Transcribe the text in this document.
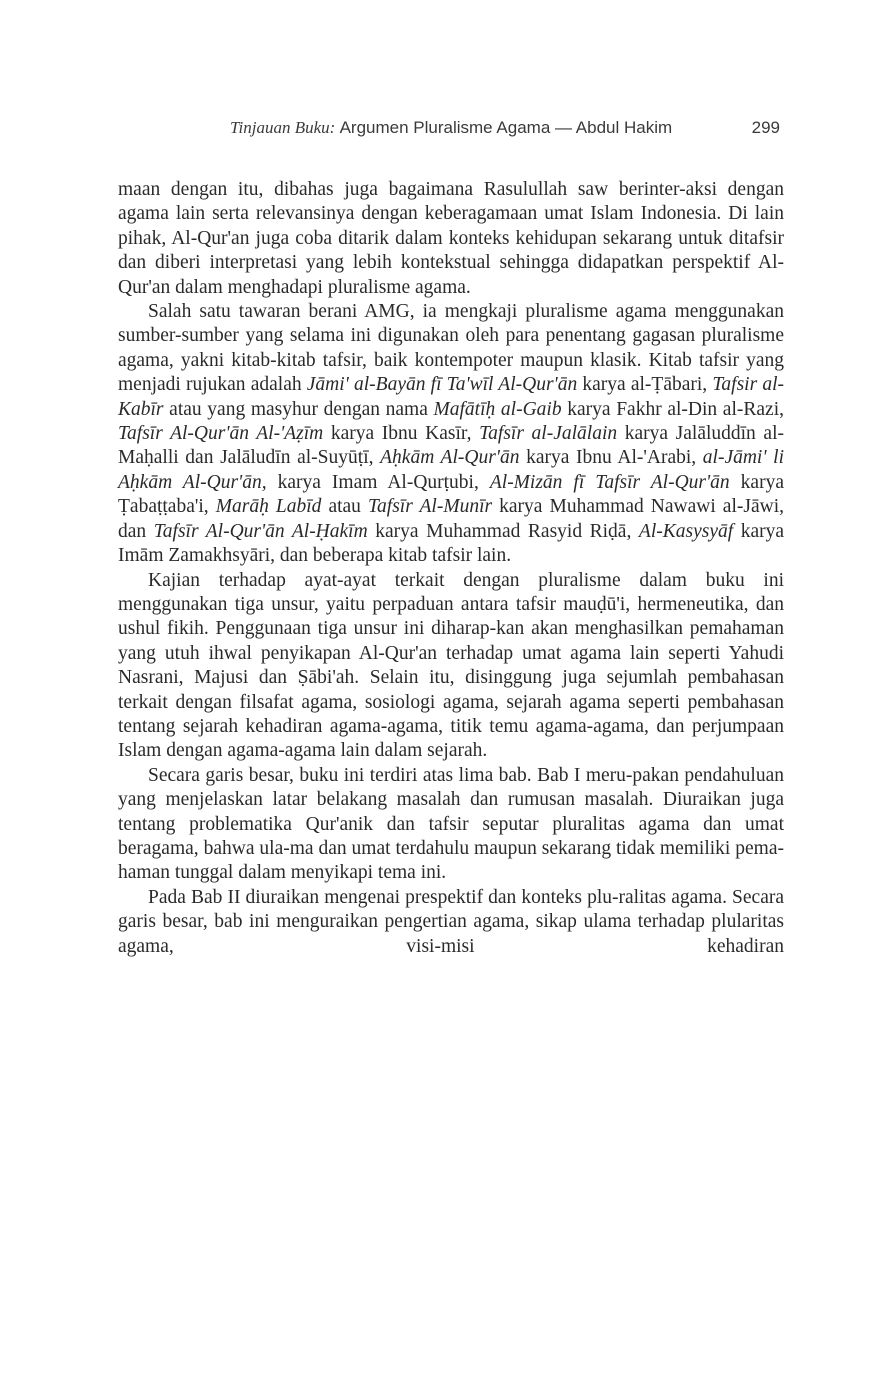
Tinjauan Buku: Argumen Pluralisme Agama — Abdul Hakim	299

maan dengan itu, dibahas juga bagaimana Rasulullah saw berinter-aksi dengan agama lain serta relevansinya dengan keberagamaan umat Islam Indonesia. Di lain pihak, Al-Qur'an juga coba ditarik dalam konteks kehidupan sekarang untuk ditafsir dan diberi interpretasi yang lebih kontekstual sehingga didapatkan perspektif Al-Qur'an dalam menghadapi pluralisme agama.

Salah satu tawaran berani AMG, ia mengkaji pluralisme agama menggunakan sumber-sumber yang selama ini digunakan oleh para penentang gagasan pluralisme agama, yakni kitab-kitab tafsir, baik kontempoter maupun klasik. Kitab tafsir yang menjadi rujukan adalah Jāmi' al-Bayān fī Ta'wīl Al-Qur'ān karya al-Ṭābari, Tafsir al-Kabīr atau yang masyhur dengan nama Mafātīḥ al-Gaib karya Fakhr al-Din al-Razi, Tafsīr Al-Qur'ān Al-'Aẓīm karya Ibnu Kasīr, Tafsīr al-Jalālain karya Jalāluddīn al-Maḥalli dan Jalāludīn al-Suyūṭī, Aḥkām Al-Qur'ān karya Ibnu Al-'Arabi, al-Jāmi' li Aḥkām Al-Qur'ān, karya Imam Al-Qurṭubi, Al-Mizān fī Tafsīr Al-Qur'ān karya Ṭabaṭṭaba'i, Marāḥ Labīd atau Tafsīr Al-Munīr karya Muhammad Nawawi al-Jāwi, dan Tafsīr Al-Qur'ān Al-Ḥakīm karya Muhammad Rasyid Riḍā, Al-Kasysyāf karya Imām Zamakhsyāri, dan beberapa kitab tafsir lain.

Kajian terhadap ayat-ayat terkait dengan pluralisme dalam buku ini menggunakan tiga unsur, yaitu perpaduan antara tafsir mauḍū'i, hermeneutika, dan ushul fikih. Penggunaan tiga unsur ini diharap-kan akan menghasilkan pemahaman yang utuh ihwal penyikapan Al-Qur'an terhadap umat agama lain seperti Yahudi Nasrani, Majusi dan Ṣābi'ah. Selain itu, disinggung juga sejumlah pembahasan terkait dengan filsafat agama, sosiologi agama, sejarah agama seperti pembahasan tentang sejarah kehadiran agama-agama, titik temu agama-agama, dan perjumpaan Islam dengan agama-agama lain dalam sejarah.

Secara garis besar, buku ini terdiri atas lima bab. Bab I meru-pakan pendahuluan yang menjelaskan latar belakang masalah dan rumusan masalah. Diuraikan juga tentang problematika Qur'anik dan tafsir seputar pluralitas agama dan umat beragama, bahwa ula-ma dan umat terdahulu maupun sekarang tidak memiliki pema-haman tunggal dalam menyikapi tema ini.

Pada Bab II diuraikan mengenai prespektif dan konteks plu-ralitas agama. Secara garis besar, bab ini menguraikan pengertian agama, sikap ulama terhadap plularitas agama, visi-misi kehadiran
